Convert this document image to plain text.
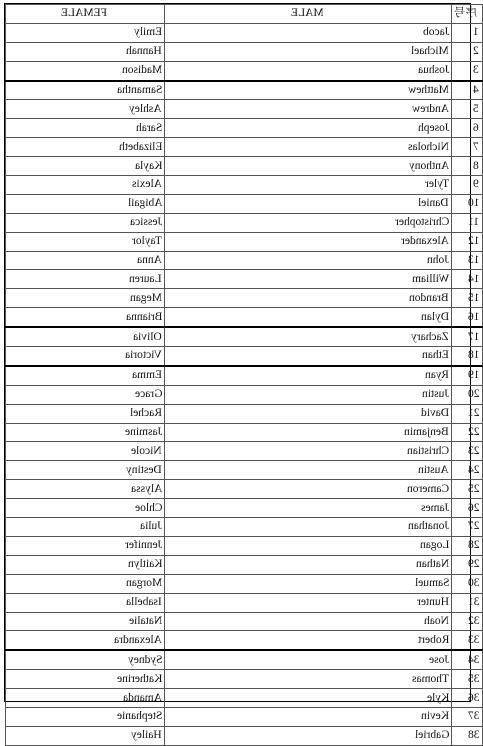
FEMALE	MALE	序号
Emily	Jacob	1
Hannah	Michael	2
Madison	Joshua	3
Samantha	Matthew	4
Ashley	Andrew	5
Sarah	Joseph	6
Elizabeth	Nicholas	7
Kayla	Anthony	8
Alexis	Tyler	9
Abigail	Daniel	10
Jessica	Christopher	11
Taylor	Alexander	12
Anna	John	13
Lauren	William	14
Megan	Brandon	15
Brianna	Dylan	16
Olivia	Zachary	17
Victoria	Ethan	18
Emma	Ryan	19
Grace	Justin	20
Rachel	David	21
Jasmine	Benjamin	22
Nicole	Christian	23
Destiny	Austin	24
Alyssa	Cameron	25
Chloe	James	26
Julia	Jonathan	27
Jennifer	Logan	28
Kaitlyn	Nathan	29
Morgan	Samuel	30
Isabella	Hunter	31
Natalie	Noah	32
Alexandra	Robert	33
Sydney	Jose	34
Katherine	Thomas	35
Amanda	Kyle	36
Stephanie	Kevin	37
Hailey	Gabriel	38
